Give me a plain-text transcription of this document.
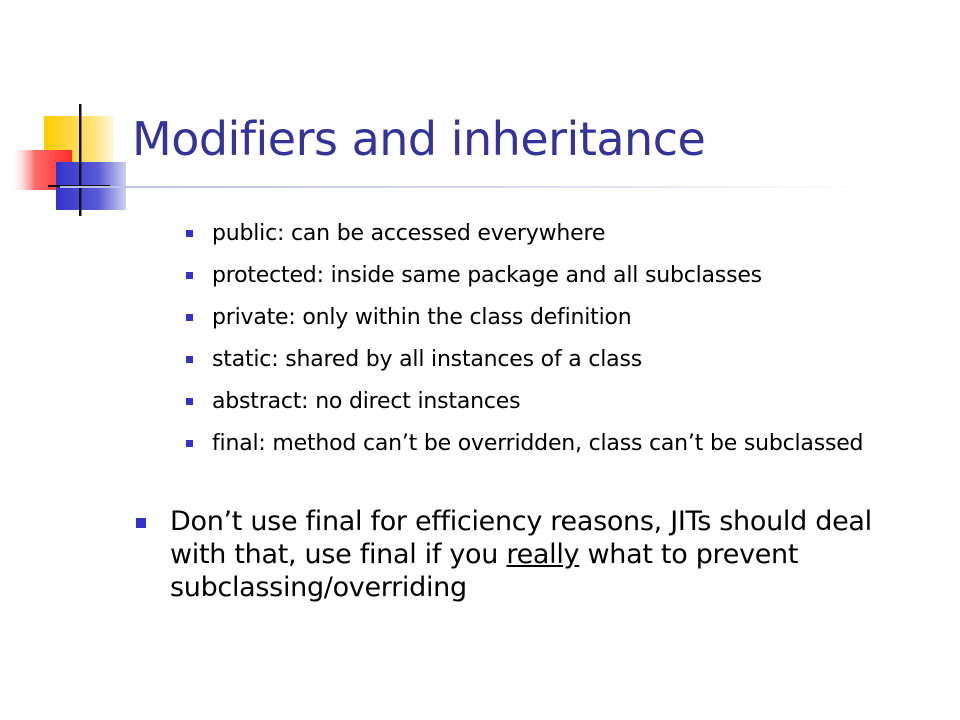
Modifiers and inheritance
public: can be accessed everywhere
protected: inside same package and all subclasses
private: only within the class definition
static: shared by all instances of a class
abstract: no direct instances
final: method can’t be overridden, class can’t be subclassed
Don’t use final for efficiency reasons, JITs should deal with that, use final if you really what to prevent subclassing/overriding
